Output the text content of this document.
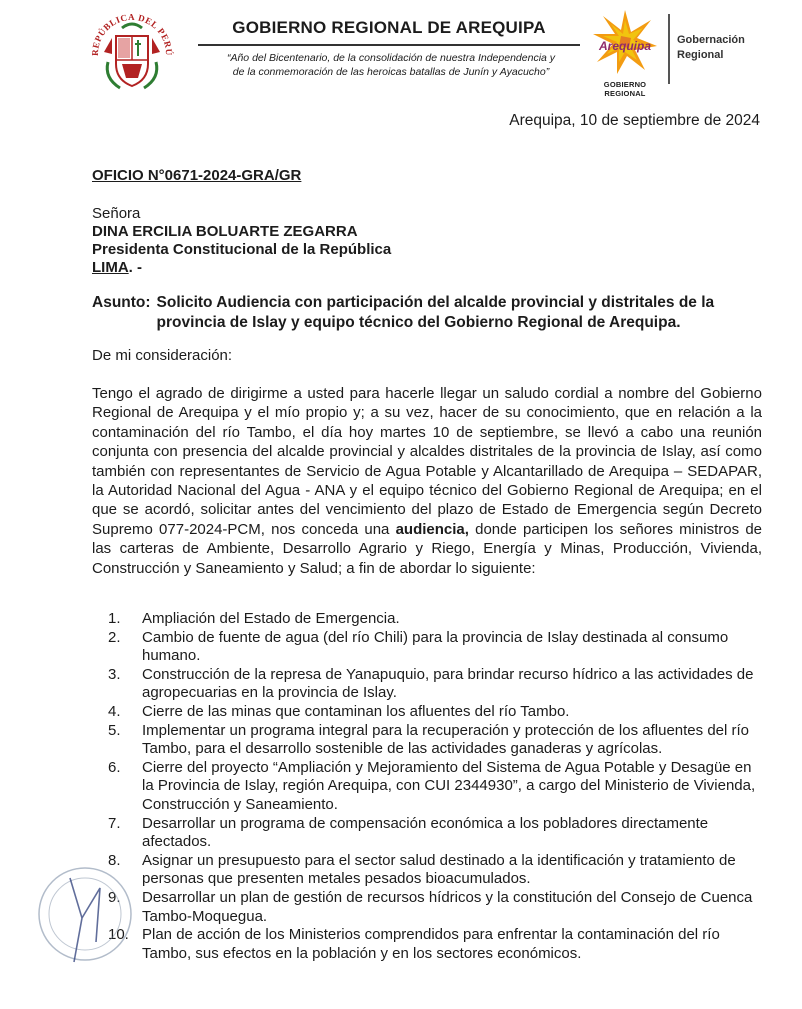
REPÚBLICA DEL PERÚ
GOBIERNO REGIONAL DE AREQUIPA
“Año del Bicentenario, de la consolidación de nuestra Independencia y
de la conmemoración de las heroicas batallas de Junín y Ayacucho”
Arequipa
GOBIERNO REGIONAL
Gobernación
Regional
Arequipa, 10 de septiembre de 2024
OFICIO N°0671-2024-GRA/GR
Señora
DINA ERCILIA BOLUARTE ZEGARRA
Presidenta Constitucional de la República
LIMA. -
Asunto: Solicito Audiencia con participación del alcalde provincial y distritales de la provincia de Islay y equipo técnico del Gobierno Regional de Arequipa.
De mi consideración:
Tengo el agrado de dirigirme a usted para hacerle llegar un saludo cordial a nombre del Gobierno Regional de Arequipa y el mío propio y; a su vez, hacer de su conocimiento, que en relación a la contaminación del río Tambo, el día hoy martes 10 de septiembre, se llevó a cabo una reunión conjunta con presencia del alcalde provincial y alcaldes distritales de la provincia de Islay, así como también con representantes de Servicio de Agua Potable y Alcantarillado de Arequipa – SEDAPAR, la Autoridad Nacional del Agua - ANA y el equipo técnico del Gobierno Regional de Arequipa; en el que se acordó, solicitar antes del vencimiento del plazo de Estado de Emergencia según Decreto Supremo 077-2024-PCM, nos conceda una audiencia, donde participen los señores ministros de las carteras de Ambiente, Desarrollo Agrario y Riego, Energía y Minas, Producción, Vivienda, Construcción y Saneamiento y Salud; a fin de abordar lo siguiente:
1.	Ampliación del Estado de Emergencia.
2.	Cambio de fuente de agua (del río Chili) para la provincia de Islay destinada al consumo humano.
3.	Construcción de la represa de Yanapuquio, para brindar recurso hídrico a las actividades de agropecuarias en la provincia de Islay.
4.	Cierre de las minas que contaminan los afluentes del río Tambo.
5.	Implementar un programa integral para la recuperación y protección de los afluentes del río Tambo, para el desarrollo sostenible de las actividades ganaderas y agrícolas.
6.	Cierre del proyecto “Ampliación y Mejoramiento del Sistema de Agua Potable y Desagüe en la Provincia de Islay, región Arequipa, con CUI 2344930”, a cargo del Ministerio de Vivienda, Construcción y Saneamiento.
7.	Desarrollar un programa de compensación económica a los pobladores directamente afectados.
8.	Asignar un presupuesto para el sector salud destinado a la identificación y tratamiento de personas que presenten metales pesados bioacumulados.
9.	Desarrollar un plan de gestión de recursos hídricos y la constitución del Consejo de Cuenca Tambo-Moquegua.
10. Plan de acción de los Ministerios comprendidos para enfrentar la contaminación del río Tambo, sus efectos en la población y en los sectores económicos.
